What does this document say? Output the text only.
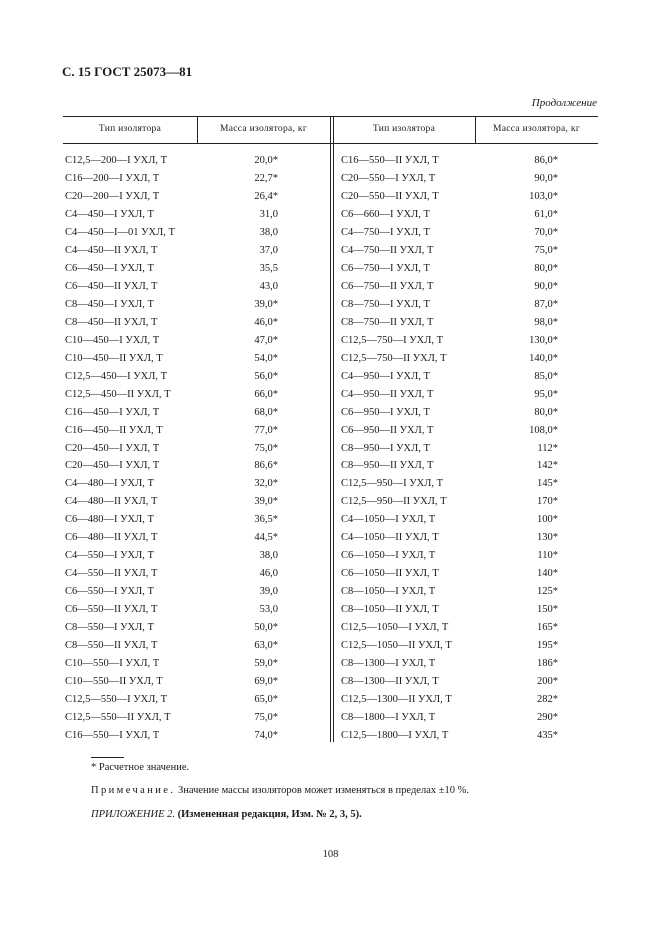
С. 15 ГОСТ 25073—81
Продолжение
Тип изолятора	Масса изолятора, кг	Тип изолятора	Масса изолятора, кг
С12,5—200—I УХЛ, Т	20,0*	С16—550—II УХЛ, Т	86,0*
С16—200—I УХЛ, Т	22,7*	С20—550—I УХЛ, Т	90,0*
С20—200—I УХЛ, Т	26,4*	С20—550—II УХЛ, Т	103,0*
С4—450—I УХЛ, Т	31,0	С6—660—I УХЛ, Т	61,0*
С4—450—I—01 УХЛ, Т	38,0	С4—750—I УХЛ, Т	70,0*
С4—450—II УХЛ, Т	37,0	С4—750—II УХЛ, Т	75,0*
С6—450—I УХЛ, Т	35,5	С6—750—I УХЛ, Т	80,0*
С6—450—II УХЛ, Т	43,0	С6—750—II УХЛ, Т	90,0*
С8—450—I УХЛ, Т	39,0*	С8—750—I УХЛ, Т	87,0*
С8—450—II УХЛ, Т	46,0*	С8—750—II УХЛ, Т	98,0*
С10—450—I УХЛ, Т	47,0*	С12,5—750—I УХЛ, Т	130,0*
С10—450—II УХЛ, Т	54,0*	С12,5—750—II УХЛ, Т	140,0*
С12,5—450—I УХЛ, Т	56,0*	С4—950—I УХЛ, Т	85,0*
С12,5—450—II УХЛ, Т	66,0*	С4—950—II УХЛ, Т	95,0*
С16—450—I УХЛ, Т	68,0*	С6—950—I УХЛ, Т	80,0*
С16—450—II УХЛ, Т	77,0*	С6—950—II УХЛ, Т	108,0*
С20—450—I УХЛ, Т	75,0*	С8—950—I УХЛ, Т	112*
С20—450—I УХЛ, Т	86,6*	С8—950—II УХЛ, Т	142*
С4—480—I УХЛ, Т	32,0*	С12,5—950—I УХЛ, Т	145*
С4—480—II УХЛ, Т	39,0*	С12,5—950—II УХЛ, Т	170*
С6—480—I УХЛ, Т	36,5*	С4—1050—I УХЛ, Т	100*
С6—480—II УХЛ, Т	44,5*	С4—1050—II УХЛ, Т	130*
С4—550—I УХЛ, Т	38,0	С6—1050—I УХЛ, Т	110*
С4—550—II УХЛ, Т	46,0	С6—1050—II УХЛ, Т	140*
С6—550—I УХЛ, Т	39,0	С8—1050—I УХЛ, Т	125*
С6—550—II УХЛ, Т	53,0	С8—1050—II УХЛ, Т	150*
С8—550—I УХЛ, Т	50,0*	С12,5—1050—I УХЛ, Т	165*
С8—550—II УХЛ, Т	63,0*	С12,5—1050—II УХЛ, Т	195*
С10—550—I УХЛ, Т	59,0*	С8—1300—I УХЛ, Т	186*
С10—550—II УХЛ, Т	69,0*	С8—1300—II УХЛ, Т	200*
С12,5—550—I УХЛ, Т	65,0*	С12,5—1300—II УХЛ, Т	282*
С12,5—550—II УХЛ, Т	75,0*	С8—1800—I УХЛ, Т	290*
С16—550—I УХЛ, Т	74,0*	С12,5—1800—I УХЛ, Т	435*
* Расчетное значение.
Примечание. Значение массы изоляторов может изменяться в пределах ±10 %.
ПРИЛОЖЕНИЕ 2. (Измененная редакция, Изм. № 2, 3, 5).
108
